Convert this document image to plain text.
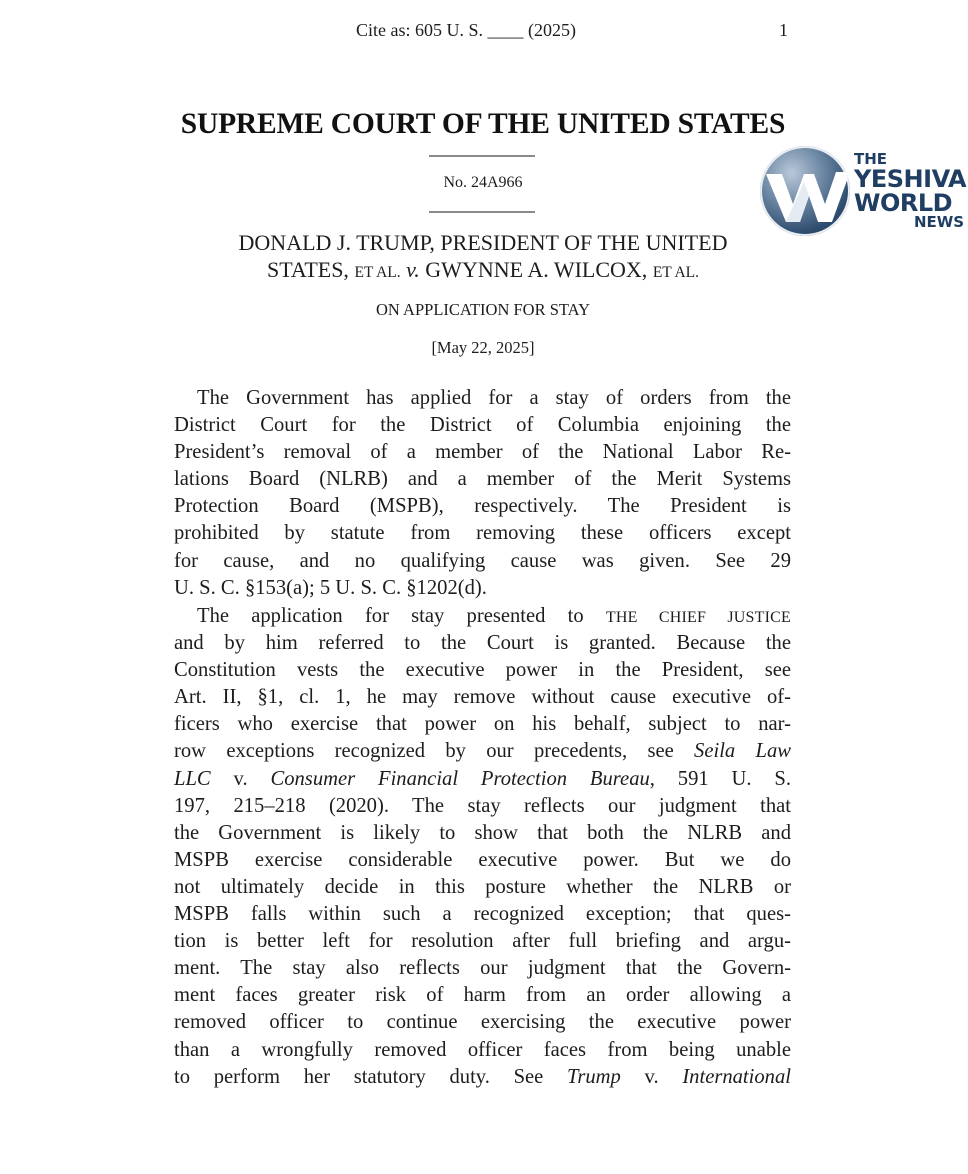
Cite as: 605 U. S. ____ (2025)	1
SUPREME COURT OF THE UNITED STATES
No. 24A966
DONALD J. TRUMP, PRESIDENT OF THE UNITED
STATES, ET AL. v. GWYNNE A. WILCOX, ET AL.
ON APPLICATION FOR STAY
[May 22, 2025]
THE
YESHIVA
WORLD
NEWS
The Government has applied for a stay of orders from the
District Court for the District of Columbia enjoining the
President’s removal of a member of the National Labor Re-
lations Board (NLRB) and a member of the Merit Systems
Protection Board (MSPB), respectively. The President is
prohibited by statute from removing these officers except
for cause, and no qualifying cause was given. See 29
U. S. C. §153(a); 5 U. S. C. §1202(d).
The application for stay presented to THE CHIEF JUSTICE
and by him referred to the Court is granted. Because the
Constitution vests the executive power in the President, see
Art. II, §1, cl. 1, he may remove without cause executive of-
ficers who exercise that power on his behalf, subject to nar-
row exceptions recognized by our precedents, see Seila Law
LLC v. Consumer Financial Protection Bureau, 591 U. S.
197, 215–218 (2020). The stay reflects our judgment that
the Government is likely to show that both the NLRB and
MSPB exercise considerable executive power. But we do
not ultimately decide in this posture whether the NLRB or
MSPB falls within such a recognized exception; that ques-
tion is better left for resolution after full briefing and argu-
ment. The stay also reflects our judgment that the Govern-
ment faces greater risk of harm from an order allowing a
removed officer to continue exercising the executive power
than a wrongfully removed officer faces from being unable
to perform her statutory duty. See Trump v. International
